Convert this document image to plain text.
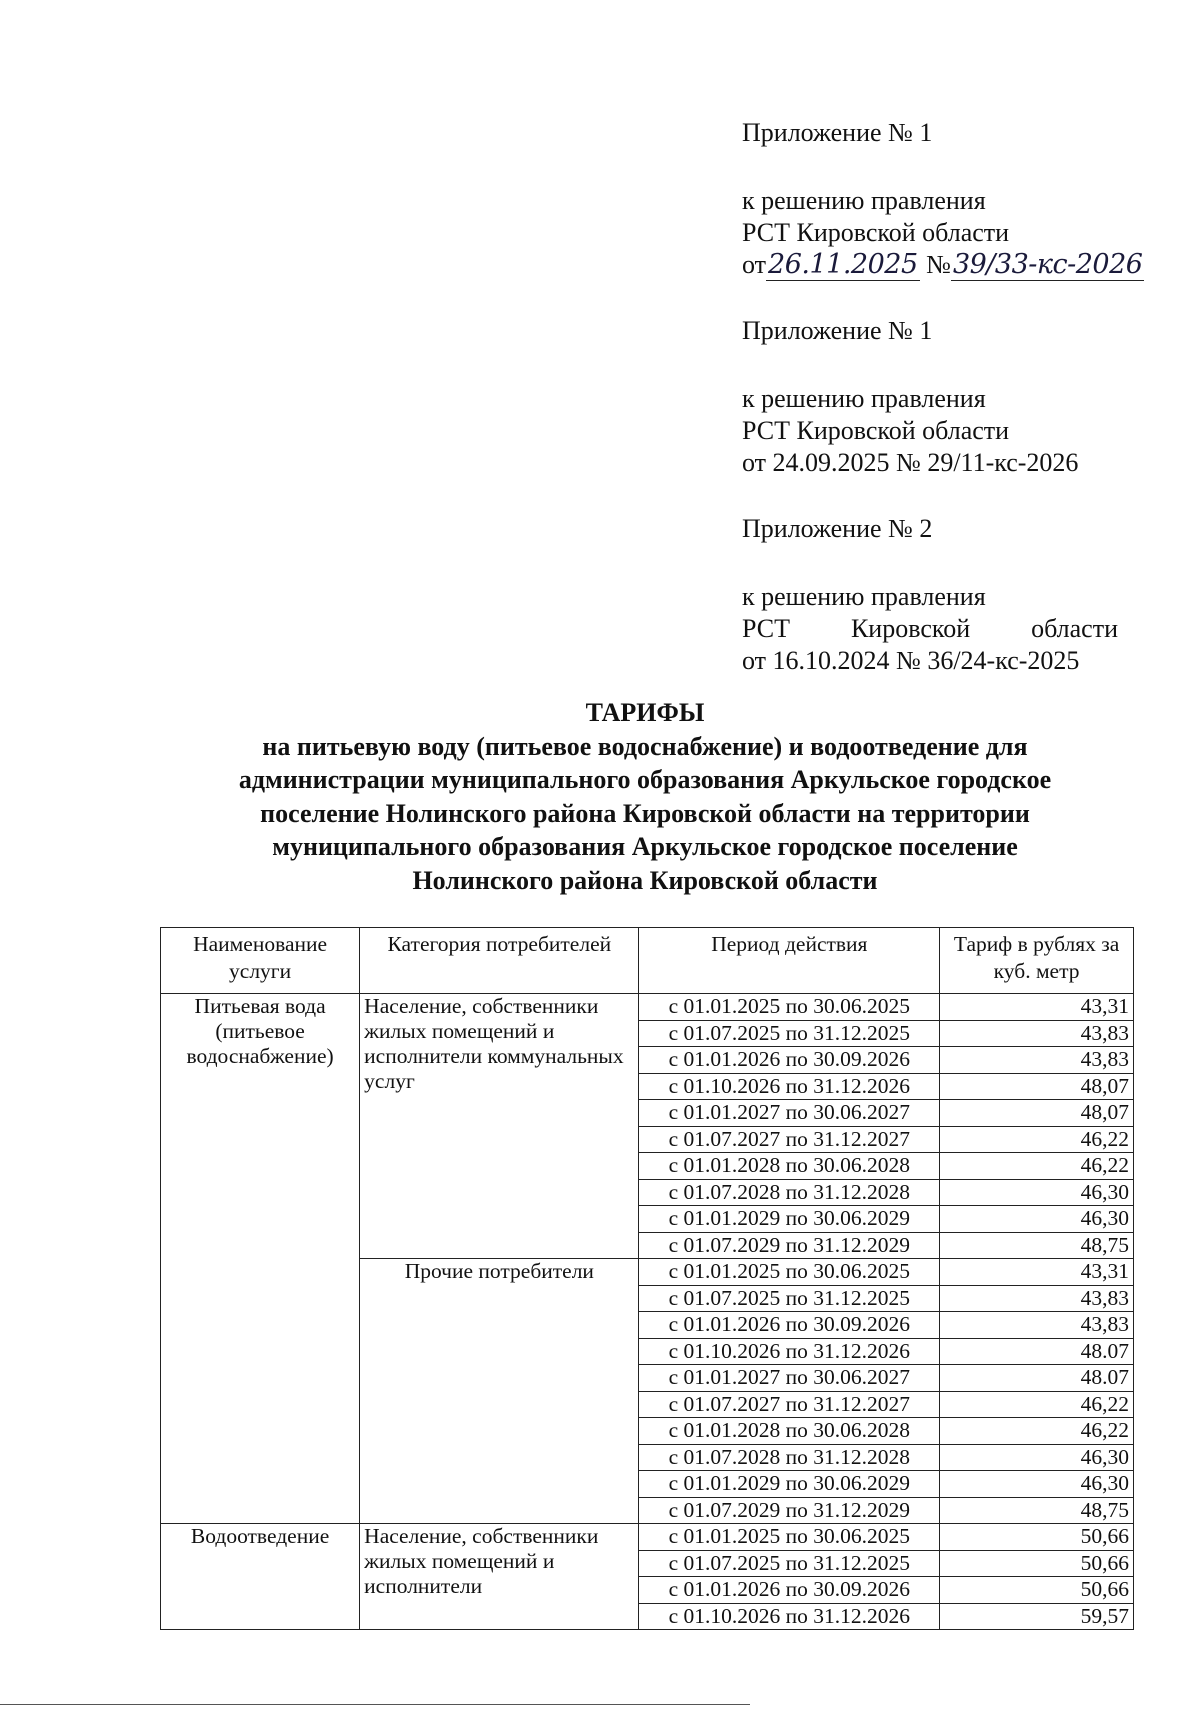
Приложение № 1
к решению правления
РСТ Кировской области
от26.11.2025 №39/33-кс-2026
Приложение № 1
к решению правления
РСТ Кировской области
от 24.09.2025 № 29/11-кс-2026
Приложение № 2
к решению правления
РСТ Кировской области
от 16.10.2024 № 36/24-кс-2025
ТАРИФЫ
на питьевую воду (питьевое водоснабжение) и водоотведение для
администрации муниципального образования Аркульское городское
поселение Нолинского района Кировской области на территории
муниципального образования Аркульское городское поселение
Нолинского района Кировской области
Наименование услуги	Категория потребителей	Период действия	Тариф в рублях за куб. метр
Питьевая вода (питьевое водоснабжение)	Население, собственники жилых помещений и исполнители коммунальных услуг	с 01.01.2025 по 30.06.2025	43,31
		с 01.07.2025 по 31.12.2025	43,83
		с 01.01.2026 по 30.09.2026	43,83
		с 01.10.2026 по 31.12.2026	48,07
		с 01.01.2027 по 30.06.2027	48,07
		с 01.07.2027 по 31.12.2027	46,22
		с 01.01.2028 по 30.06.2028	46,22
		с 01.07.2028 по 31.12.2028	46,30
		с 01.01.2029 по 30.06.2029	46,30
		с 01.07.2029 по 31.12.2029	48,75
	Прочие потребители	с 01.01.2025 по 30.06.2025	43,31
		с 01.07.2025 по 31.12.2025	43,83
		с 01.01.2026 по 30.09.2026	43,83
		с 01.10.2026 по 31.12.2026	48.07
		с 01.01.2027 по 30.06.2027	48.07
		с 01.07.2027 по 31.12.2027	46,22
		с 01.01.2028 по 30.06.2028	46,22
		с 01.07.2028 по 31.12.2028	46,30
		с 01.01.2029 по 30.06.2029	46,30
		с 01.07.2029 по 31.12.2029	48,75
Водоотведение	Население, собственники жилых помещений и исполнители	с 01.01.2025 по 30.06.2025	50,66
		с 01.07.2025 по 31.12.2025	50,66
		с 01.01.2026 по 30.09.2026	50,66
		с 01.10.2026 по 31.12.2026	59,57
